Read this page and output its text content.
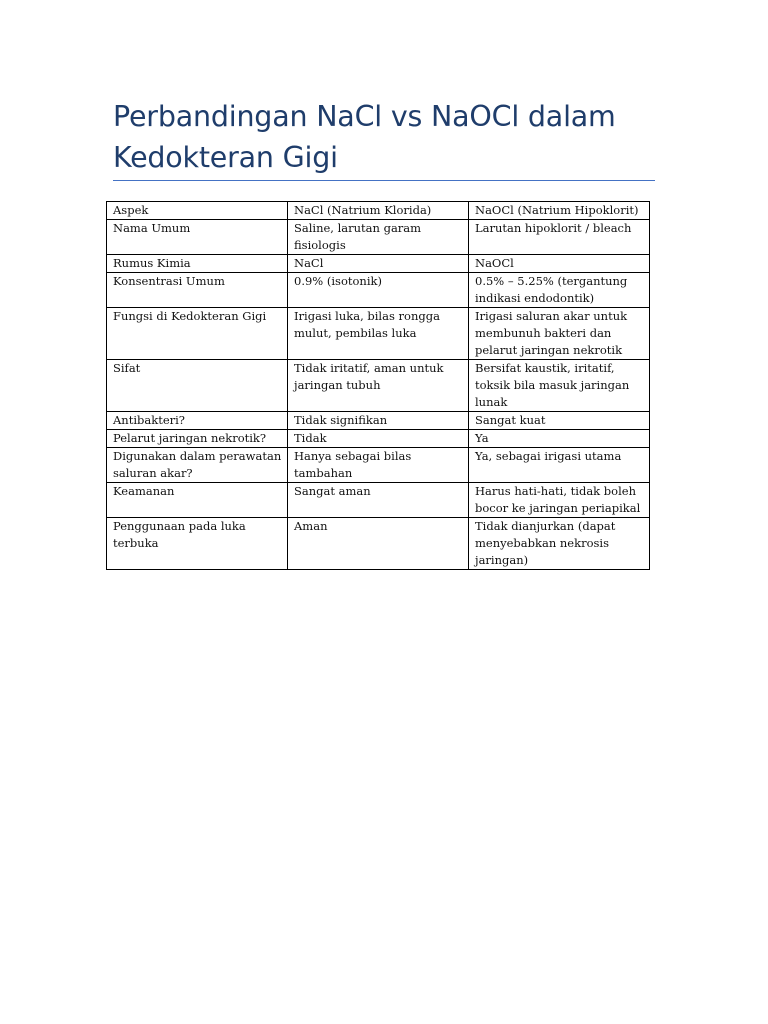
Perbandingan NaCl vs NaOCl dalam Kedokteran Gigi
Aspek	NaCl (Natrium Klorida)	NaOCl (Natrium Hipoklorit)
Nama Umum	Saline, larutan garam fisiologis	Larutan hipoklorit / bleach
Rumus Kimia	NaCl	NaOCl
Konsentrasi Umum	0.9% (isotonik)	0.5% – 5.25% (tergantung indikasi endodontik)
Fungsi di Kedokteran Gigi	Irigasi luka, bilas rongga mulut, pembilas luka	Irigasi saluran akar untuk membunuh bakteri dan pelarut jaringan nekrotik
Sifat	Tidak iritatif, aman untuk jaringan tubuh	Bersifat kaustik, iritatif, toksik bila masuk jaringan lunak
Antibakteri?	Tidak signifikan	Sangat kuat
Pelarut jaringan nekrotik?	Tidak	Ya
Digunakan dalam perawatan saluran akar?	Hanya sebagai bilas tambahan	Ya, sebagai irigasi utama
Keamanan	Sangat aman	Harus hati-hati, tidak boleh bocor ke jaringan periapikal
Penggunaan pada luka terbuka	Aman	Tidak dianjurkan (dapat menyebabkan nekrosis jaringan)
